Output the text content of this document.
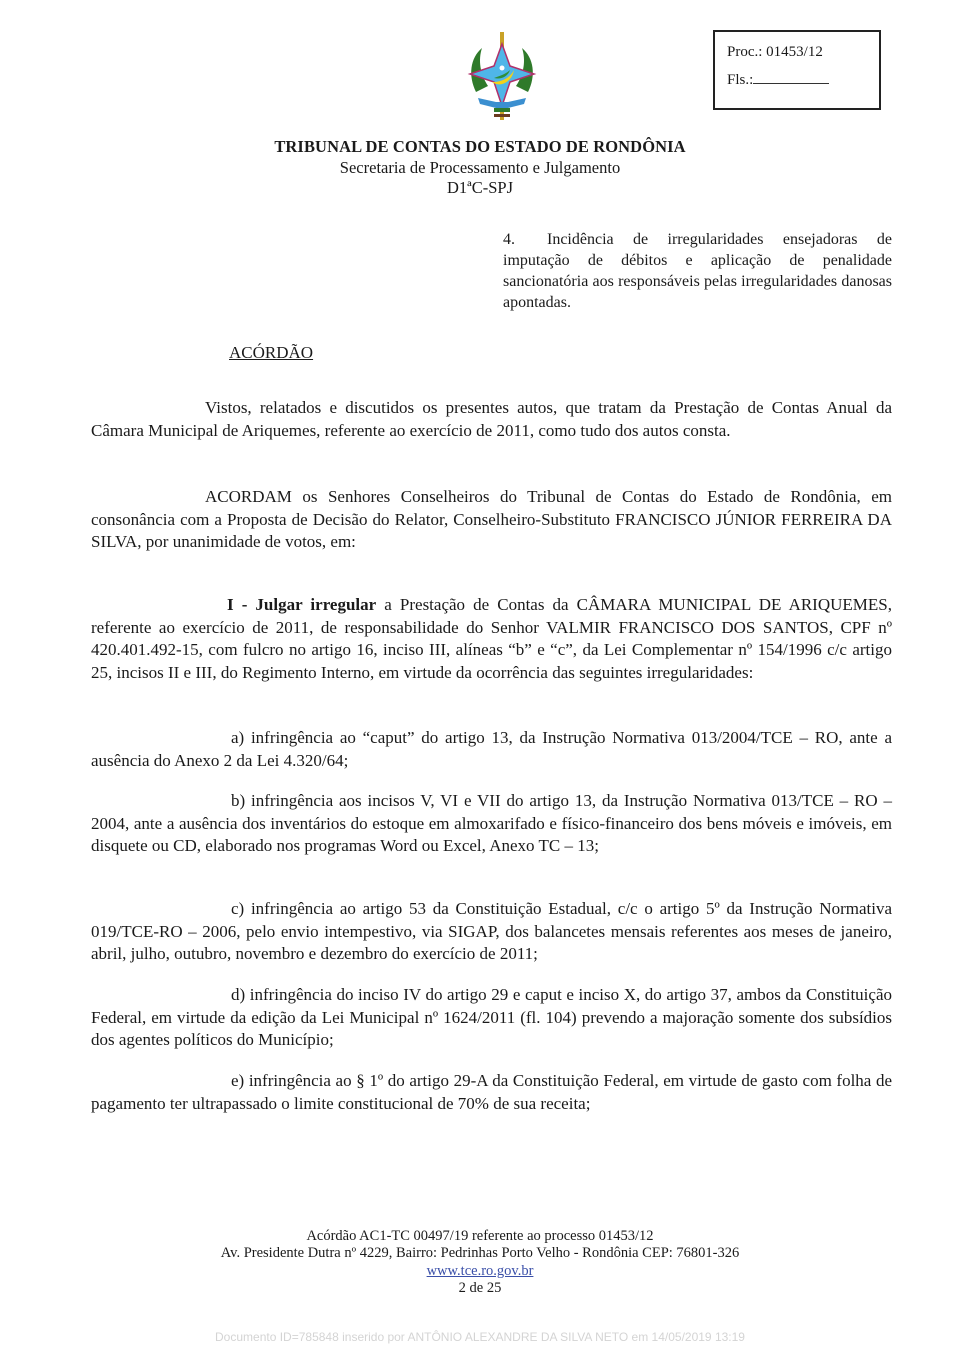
Proc.: 01453/12
Fls.:
TRIBUNAL DE CONTAS DO ESTADO DE RONDÔNIA
Secretaria de Processamento e Julgamento
D1ªC-SPJ
4. Incidência de irregularidades ensejadoras de imputação de débitos e aplicação de penalidade sancionatória aos responsáveis pelas irregularidades danosas apontadas.
ACÓRDÃO
Vistos, relatados e discutidos os presentes autos, que tratam da Prestação de Contas Anual da Câmara Municipal de Ariquemes, referente ao exercício de 2011, como tudo dos autos consta.
ACORDAM os Senhores Conselheiros do Tribunal de Contas do Estado de Rondônia, em consonância com a Proposta de Decisão do Relator, Conselheiro-Substituto FRANCISCO JÚNIOR FERREIRA DA SILVA, por unanimidade de votos, em:
I - Julgar irregular a Prestação de Contas da CÂMARA MUNICIPAL DE ARIQUEMES, referente ao exercício de 2011, de responsabilidade do Senhor VALMIR FRANCISCO DOS SANTOS, CPF nº 420.401.492-15, com fulcro no artigo 16, inciso III, alíneas “b” e “c”, da Lei Complementar nº 154/1996 c/c artigo 25, incisos II e III, do Regimento Interno, em virtude da ocorrência das seguintes irregularidades:
a) infringência ao “caput” do artigo 13, da Instrução Normativa 013/2004/TCE – RO, ante a ausência do Anexo 2 da Lei 4.320/64;
b) infringência aos incisos V, VI e VII do artigo 13, da Instrução Normativa 013/TCE – RO – 2004, ante a ausência dos inventários do estoque em almoxarifado e físico-financeiro dos bens móveis e imóveis, em disquete ou CD, elaborado nos programas Word ou Excel, Anexo TC – 13;
c) infringência ao artigo 53 da Constituição Estadual, c/c o artigo 5º da Instrução Normativa 019/TCE-RO – 2006, pelo envio intempestivo, via SIGAP, dos balancetes mensais referentes aos meses de janeiro, abril, julho, outubro, novembro e dezembro do exercício de 2011;
d) infringência do inciso IV do artigo 29 e caput e inciso X, do artigo 37, ambos da Constituição Federal, em virtude da edição da Lei Municipal nº 1624/2011 (fl. 104) prevendo a majoração somente dos subsídios dos agentes políticos do Município;
e) infringência ao § 1º do artigo 29-A da Constituição Federal, em virtude de gasto com folha de pagamento ter ultrapassado o limite constitucional de 70% de sua receita;
Acórdão AC1-TC 00497/19 referente ao processo 01453/12
Av. Presidente Dutra nº 4229, Bairro: Pedrinhas Porto Velho - Rondônia CEP: 76801-326
www.tce.ro.gov.br
2 de 25
Documento ID=785848 inserido por ANTÔNIO ALEXANDRE DA SILVA NETO em 14/05/2019 13:19
